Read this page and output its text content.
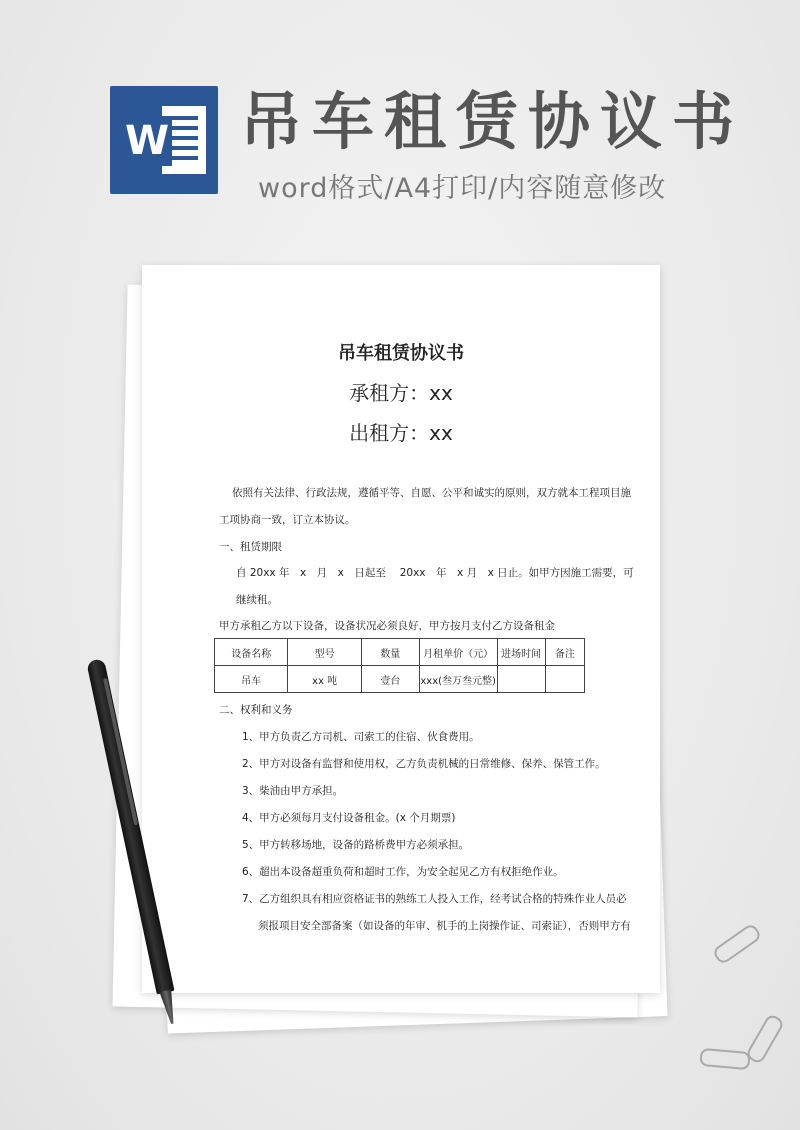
W 吊车租赁协议书
word格式/A4打印/内容随意修改
吊车租赁协议书
承租方：xx
出租方：xx
依照有关法律、行政法规，遵循平等、自愿、公平和诚实的原则，双方就本工程项目施
工项协商一致，订立本协议。
一、租赁期限
自 20xx 年　x　月　x　日起至　 20xx　年　x 月　x 日止。如甲方因施工需要，可
继续租。
甲方承租乙方以下设备，设备状况必须良好，甲方按月支付乙方设备租金
设备名称	型号	数量	月租单价（元）	进场时间	备注
吊车	xx 吨	壹台	xxx(叁万叁元整)		
二、权利和义务
1、甲方负责乙方司机、司索工的住宿、伙食费用。
2、甲方对设备有监督和使用权，乙方负责机械的日常维修、保养、保管工作。
3、柴油由甲方承担。
4、甲方必须每月支付设备租金。(x 个月期票)
5、甲方转移场地，设备的路桥费甲方必须承担。
6、超出本设备超重负荷和超时工作，为安全起见乙方有权拒绝作业。
7、乙方组织具有相应资格证书的熟练工人投入工作，经考试合格的特殊作业人员必
须报项目安全部备案（如设备的年审、机手的上岗操作证、司索证），否则甲方有
